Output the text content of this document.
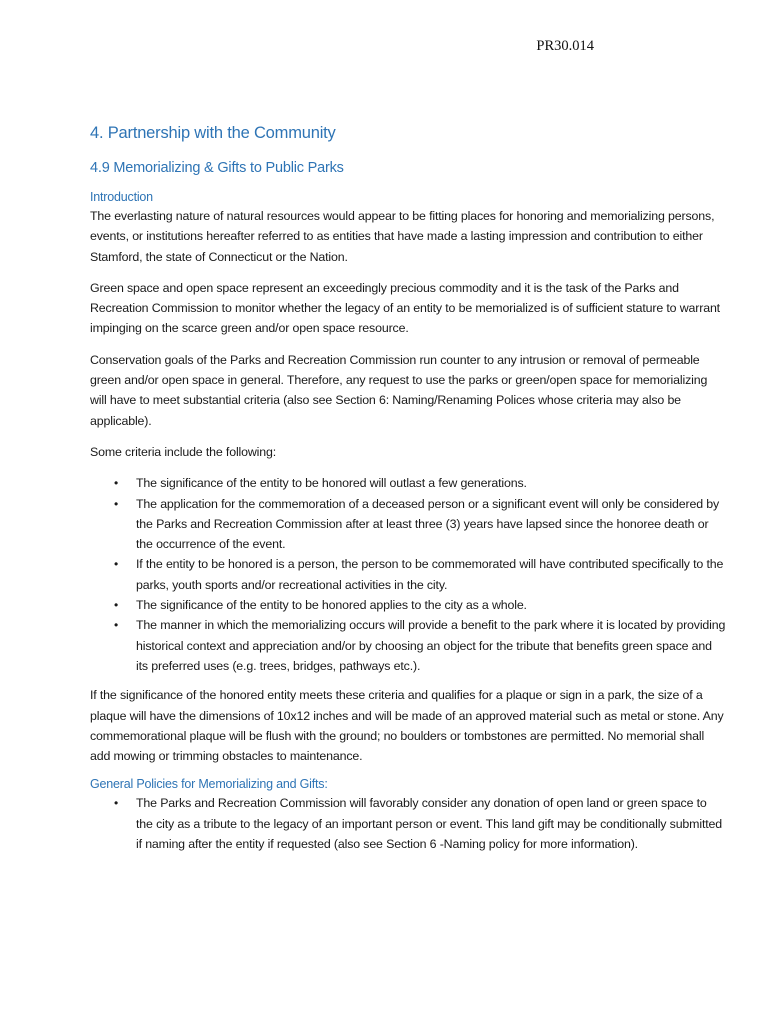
PR30.014
4. Partnership with the Community
4.9 Memorializing & Gifts to Public Parks
Introduction

The everlasting nature of natural resources would appear to be fitting places for honoring and memorializing persons, events, or institutions hereafter referred to as entities that have made a lasting impression and contribution to either Stamford, the state of Connecticut or the Nation.

Green space and open space represent an exceedingly precious commodity and it is the task of the Parks and Recreation Commission to monitor whether the legacy of an entity to be memorialized is of sufficient stature to warrant impinging on the scarce green and/or open space resource.

Conservation goals of the Parks and Recreation Commission run counter to any intrusion or removal of permeable green and/or open space in general. Therefore, any request to use the parks or green/open space for memorializing will have to meet substantial criteria (also see Section 6: Naming/Renaming Polices whose criteria may also be applicable).

Some criteria include the following:

• The significance of the entity to be honored will outlast a few generations.
• The application for the commemoration of a deceased person or a significant event will only be considered by the Parks and Recreation Commission after at least three (3) years have lapsed since the honoree death or the occurrence of the event.
• If the entity to be honored is a person, the person to be commemorated will have contributed specifically to the parks, youth sports and/or recreational activities in the city.
• The significance of the entity to be honored applies to the city as a whole.
• The manner in which the memorializing occurs will provide a benefit to the park where it is located by providing historical context and appreciation and/or by choosing an object for the tribute that benefits green space and its preferred uses (e.g. trees, bridges, pathways etc.).

If the significance of the honored entity meets these criteria and qualifies for a plaque or sign in a park, the size of a plaque will have the dimensions of 10x12 inches and will be made of an approved material such as metal or stone. Any commemorational plaque will be flush with the ground; no boulders or tombstones are permitted. No memorial shall add mowing or trimming obstacles to maintenance.

General Policies for Memorializing and Gifts:
• The Parks and Recreation Commission will favorably consider any donation of open land or green space to the city as a tribute to the legacy of an important person or event. This land gift may be conditionally submitted if naming after the entity if requested (also see Section 6 -Naming policy for more information).
